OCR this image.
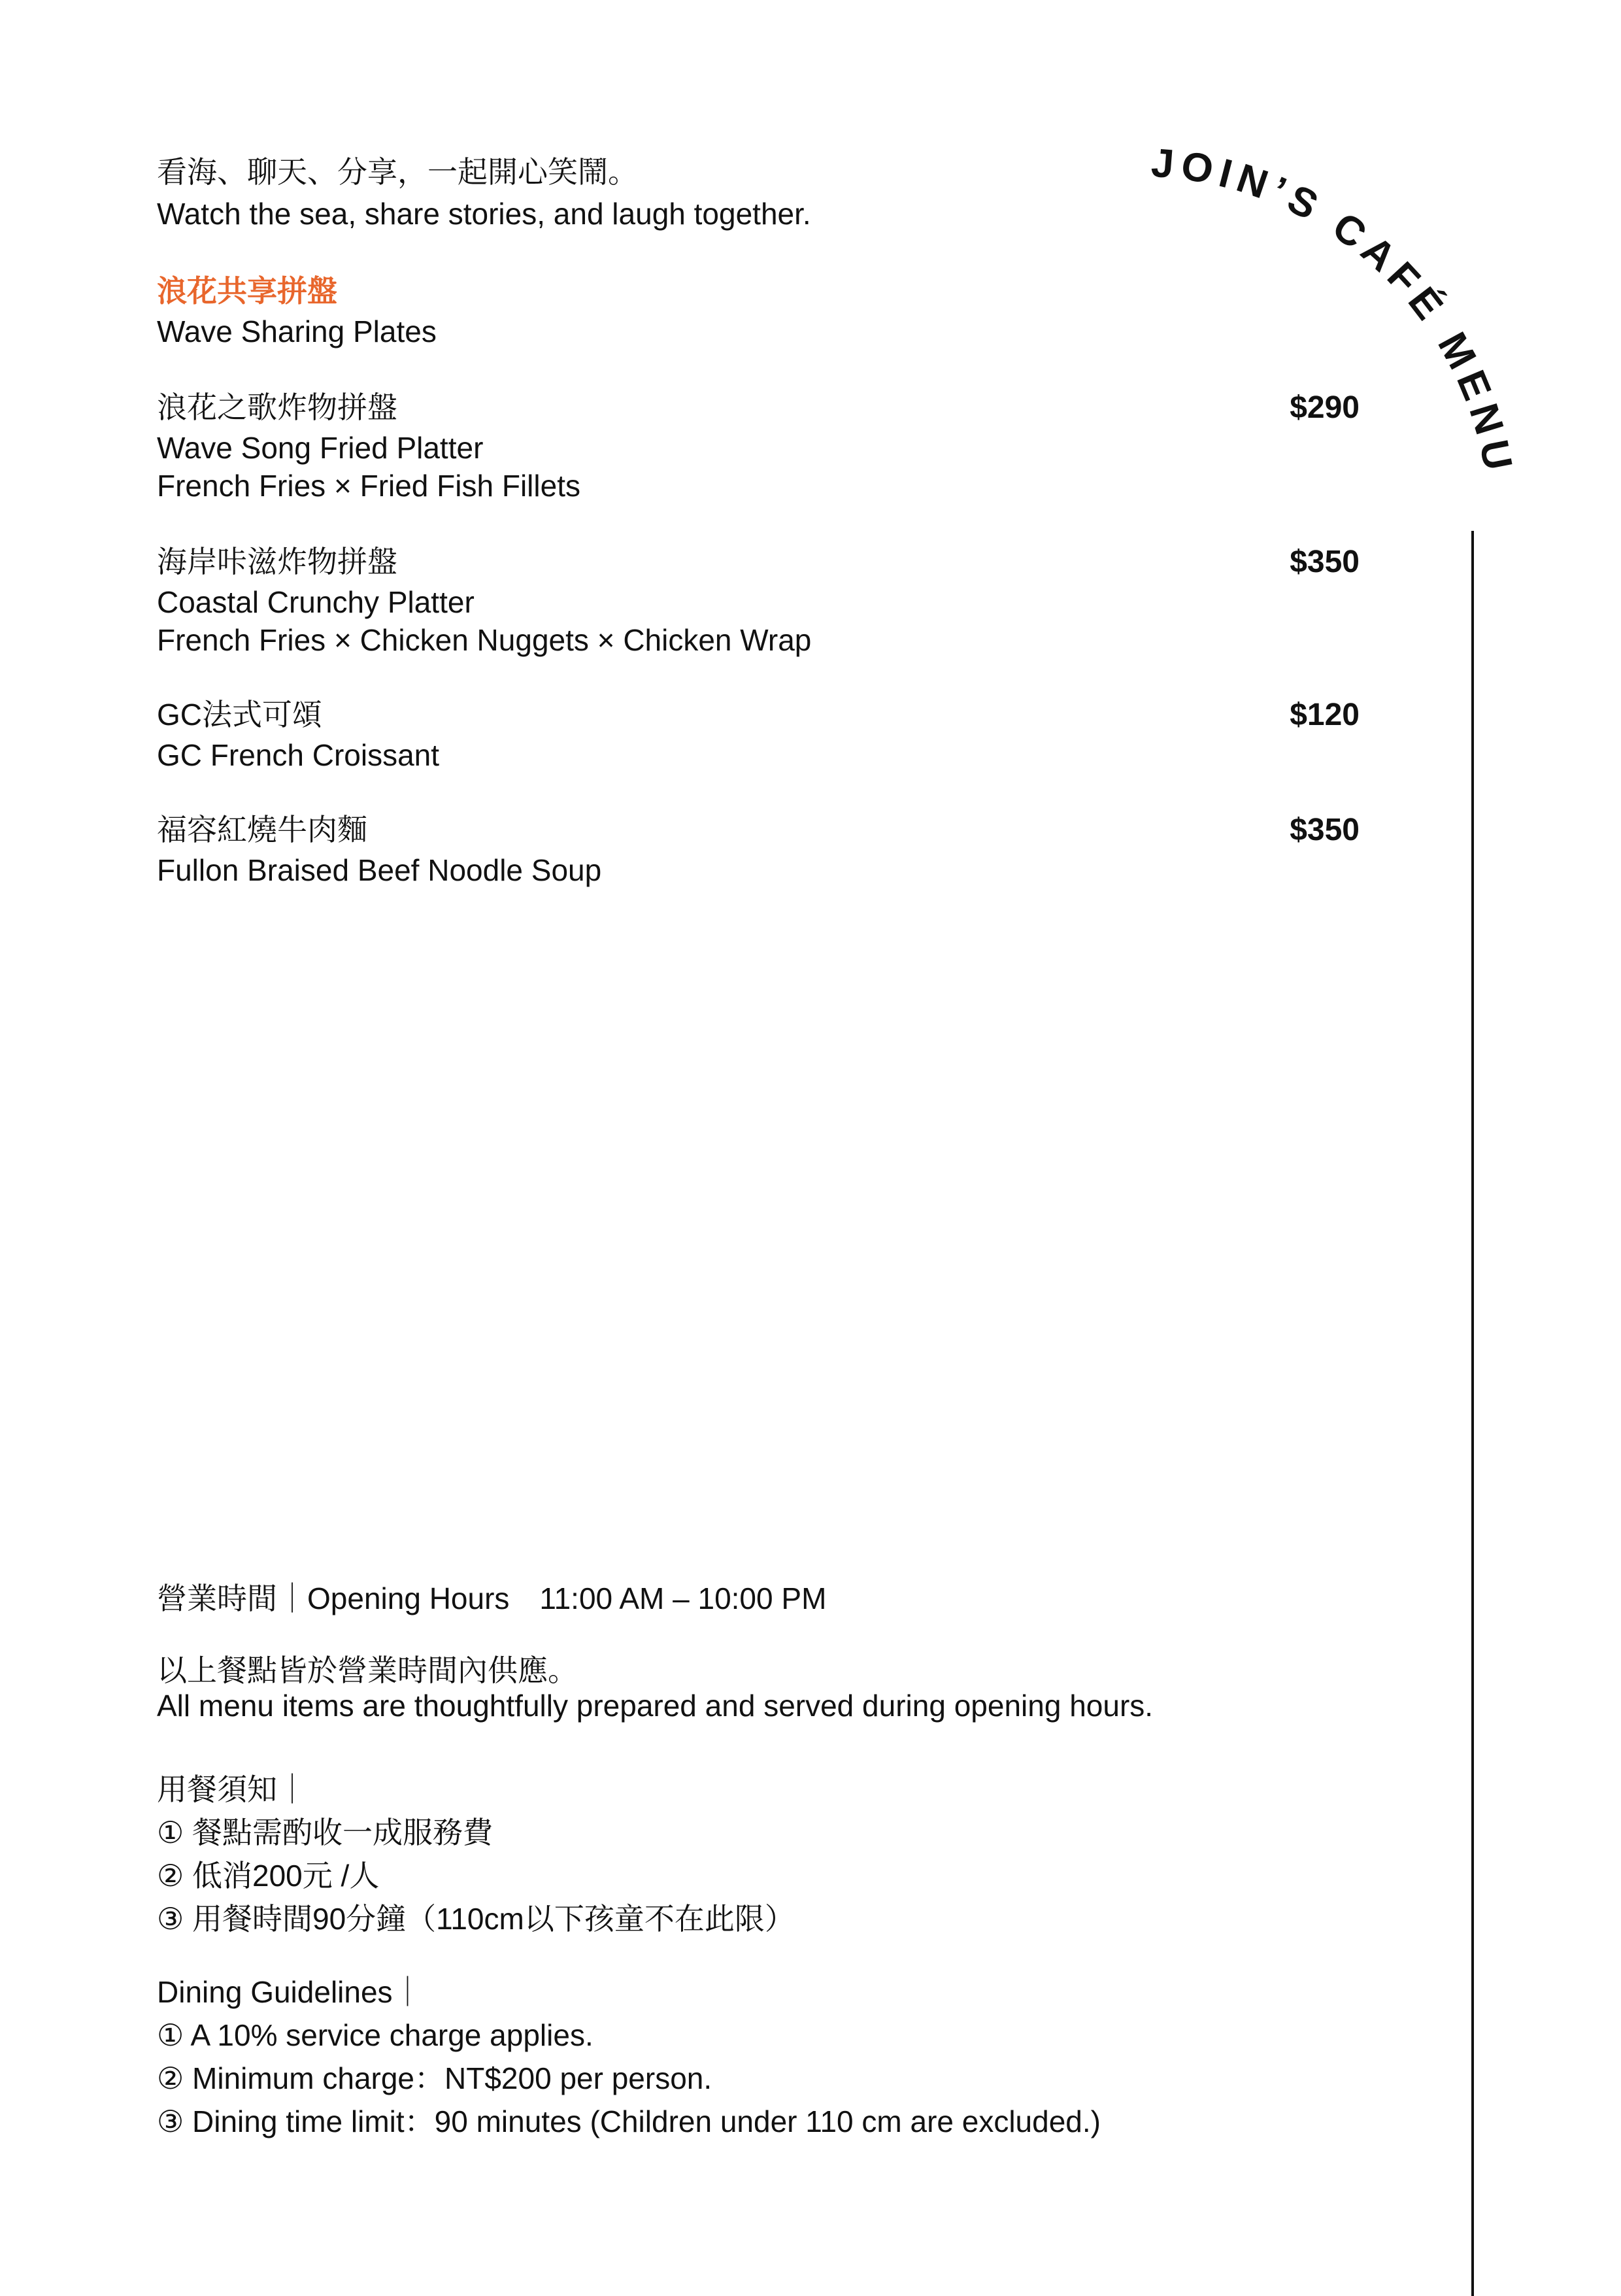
JOIN’S CAFÉ MENU
看海、聊天、分享，一起開心笑鬧。
Watch the sea, share stories, and laugh together.
浪花共享拼盤
Wave Sharing Plates
浪花之歌炸物拼盤	$290
Wave Song Fried Platter
French Fries × Fried Fish Fillets
海岸咔滋炸物拼盤	$350
Coastal Crunchy Platter
French Fries × Chicken Nuggets × Chicken Wrap
GC法式可頌	$120
GC French Croissant
福容紅燒牛肉麵	$350
Fullon Braised Beef Noodle Soup
營業時間｜Opening Hours 11:00 AM – 10:00 PM
以上餐點皆於營業時間內供應。
All menu items are thoughtfully prepared and served during opening hours.
用餐須知｜
① 餐點需酌收一成服務費
② 低消200元 /人
③ 用餐時間90分鐘（110cm以下孩童不在此限）
Dining Guidelines｜
① A 10% service charge applies.
② Minimum charge：NT$200 per person.
③ Dining time limit：90 minutes (Children under 110 cm are excluded.)
